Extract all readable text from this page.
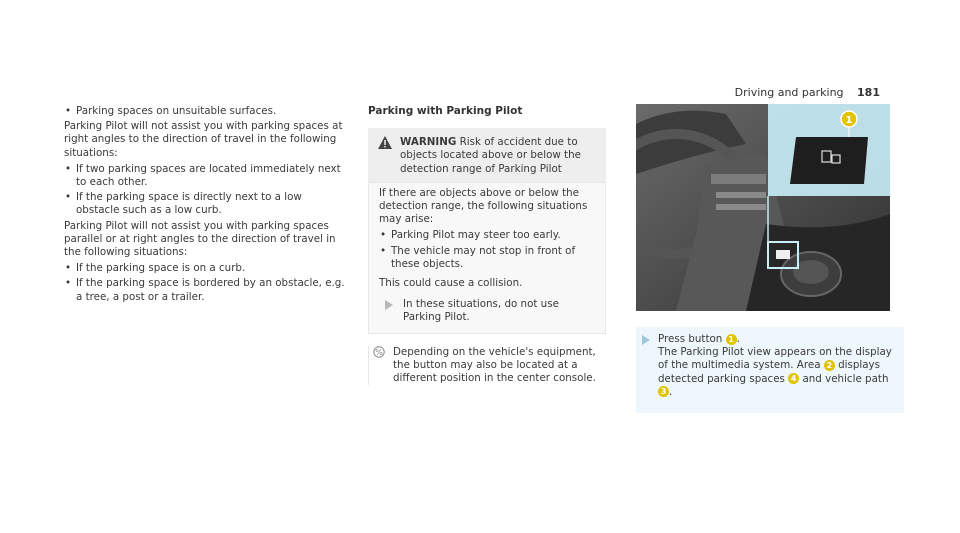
Driving and parking 181
• Parking spaces on unsuitable surfaces.

Parking Pilot will not assist you with parking spaces at right angles to the direction of travel in the following situations:

• If two parking spaces are located immediately next to each other.
• If the parking space is directly next to a low obstacle such as a low curb.

Parking Pilot will not assist you with parking spaces parallel or at right angles to the direction of travel in the following situations:

• If the parking space is on a curb.
• If the parking space is bordered by an obstacle, e.g. a tree, a post or a trailer.
Parking with Parking Pilot
WARNING Risk of accident due to objects located above or below the detection range of Parking Pilot

If there are objects above or below the detection range, the following situations may arise:

• Parking Pilot may steer too early.
• The vehicle may not stop in front of these objects.

This could cause a collision.

In these situations, do not use Parking Pilot.
% Depending on the vehicle's equipment, the button may also be located at a different position in the center console.
1
Press button 1 .
The Parking Pilot view appears on the display of the multimedia system. Area 2 displays detected parking spaces 4 and vehicle path
3 .
